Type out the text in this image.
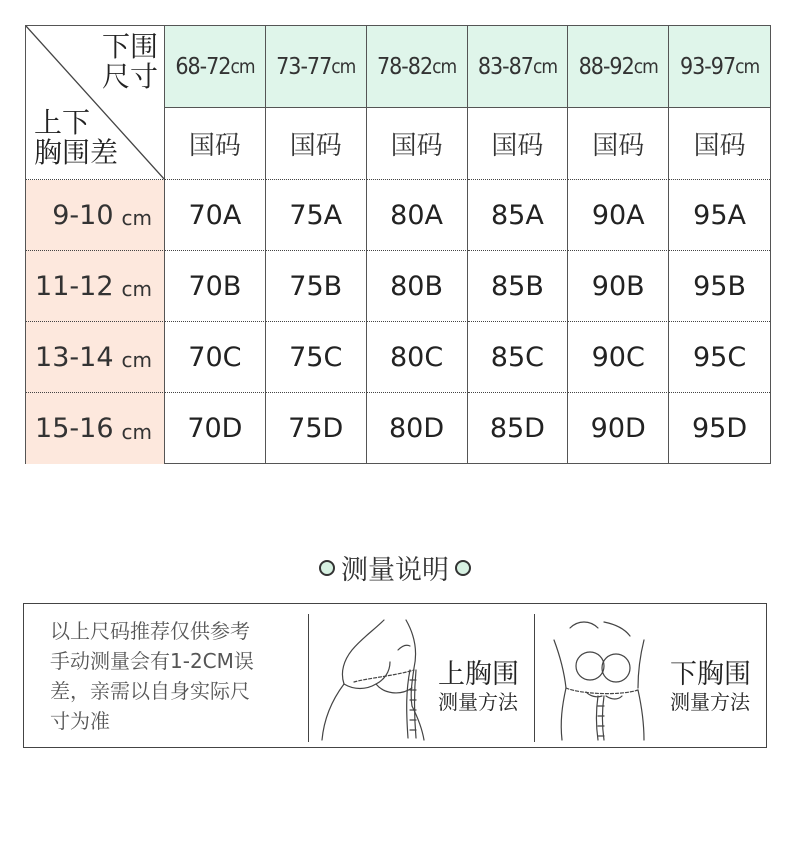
下围
尺寸
上下
胸围差
68-72 cm 73-77 cm 78-82 cm 83-87 cm 88-92 cm 93-97 cm
国码	国码	国码	国码	国码	国码
9-10 cm	70A	75A	80A	85A	90A	95A
11-12 cm	70B	75B	80B	85B	90B	95B
13-14 cm	70C	75C	80C	85C	90C	95C
15-16 cm	70D	75D	80D	85D	90D	95D
测量说明
以上尺码推荐仅供参考
手动测量会有1-2CM误
差，亲需以自身实际尺
寸为准
上胸围
测量方法
下胸围
测量方法
